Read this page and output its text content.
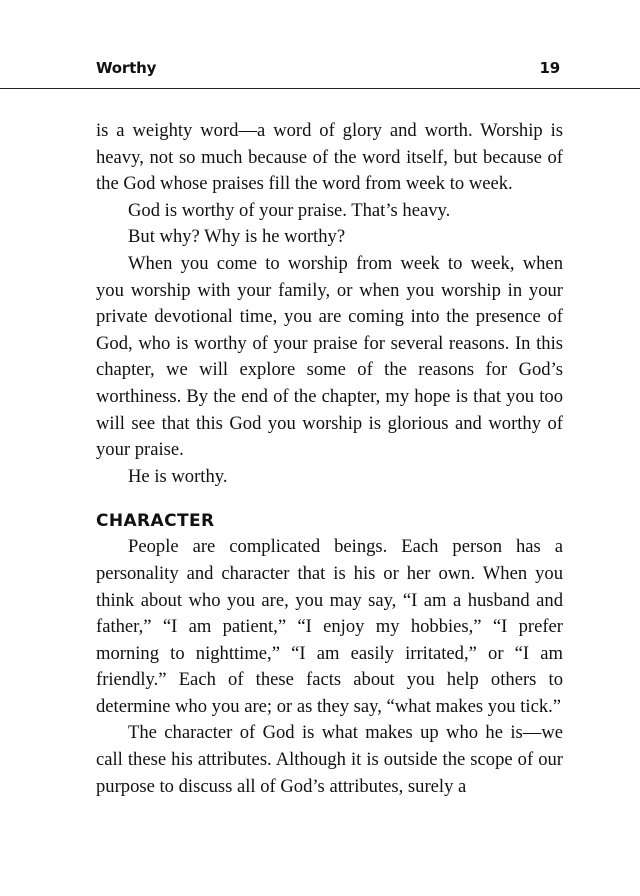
Worthy	19

is a weighty word—a word of glory and worth. Worship is heavy, not so much because of the word itself, but because of the God whose praises fill the word from week to week.

God is worthy of your praise. That’s heavy.

But why? Why is he worthy?

When you come to worship from week to week, when you worship with your family, or when you worship in your private devotional time, you are coming into the presence of God, who is worthy of your praise for several reasons. In this chapter, we will explore some of the reasons for God’s worthiness. By the end of the chapter, my hope is that you too will see that this God you worship is glorious and worthy of your praise.

He is worthy.

CHARACTER

People are complicated beings. Each person has a personality and character that is his or her own. When you think about who you are, you may say, “I am a husband and father,” “I am patient,” “I enjoy my hobbies,” “I prefer morning to nighttime,” “I am easily irritated,” or “I am friendly.” Each of these facts about you help others to determine who you are; or as they say, “what makes you tick.”

The character of God is what makes up who he is—we call these his attributes. Although it is outside the scope of our purpose to discuss all of God’s attributes, surely a
